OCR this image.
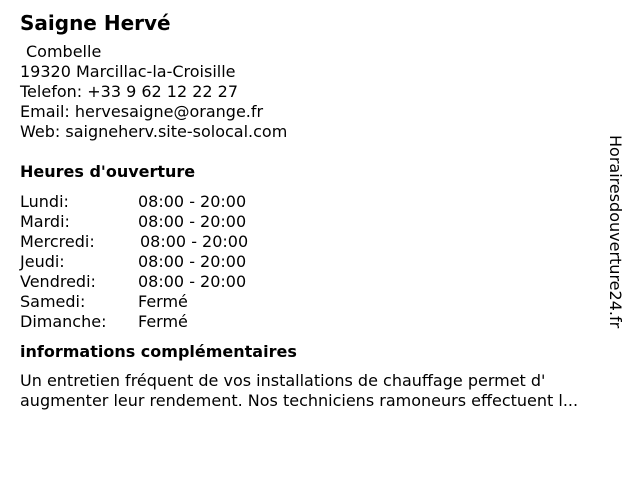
Saigne Hervé
Combelle
19320 Marcillac-la-Croisille
Telefon: +33 9 62 12 22 27
Email: hervesaigne@orange.fr
Web: saigneherv.site-solocal.com
Heures d'ouverture
Lundi:	08:00 - 20:00
Mardi:	08:00 - 20:00
Mercredi:	08:00 - 20:00
Jeudi:	08:00 - 20:00
Vendredi:	08:00 - 20:00
Samedi:	Fermé
Dimanche:	Fermé
informations complémentaires
Un entretien fréquent de vos installations de chauffage permet d' augmenter leur rendement. Nos techniciens ramoneurs effectuent l...
Horairesdouverture24.fr
